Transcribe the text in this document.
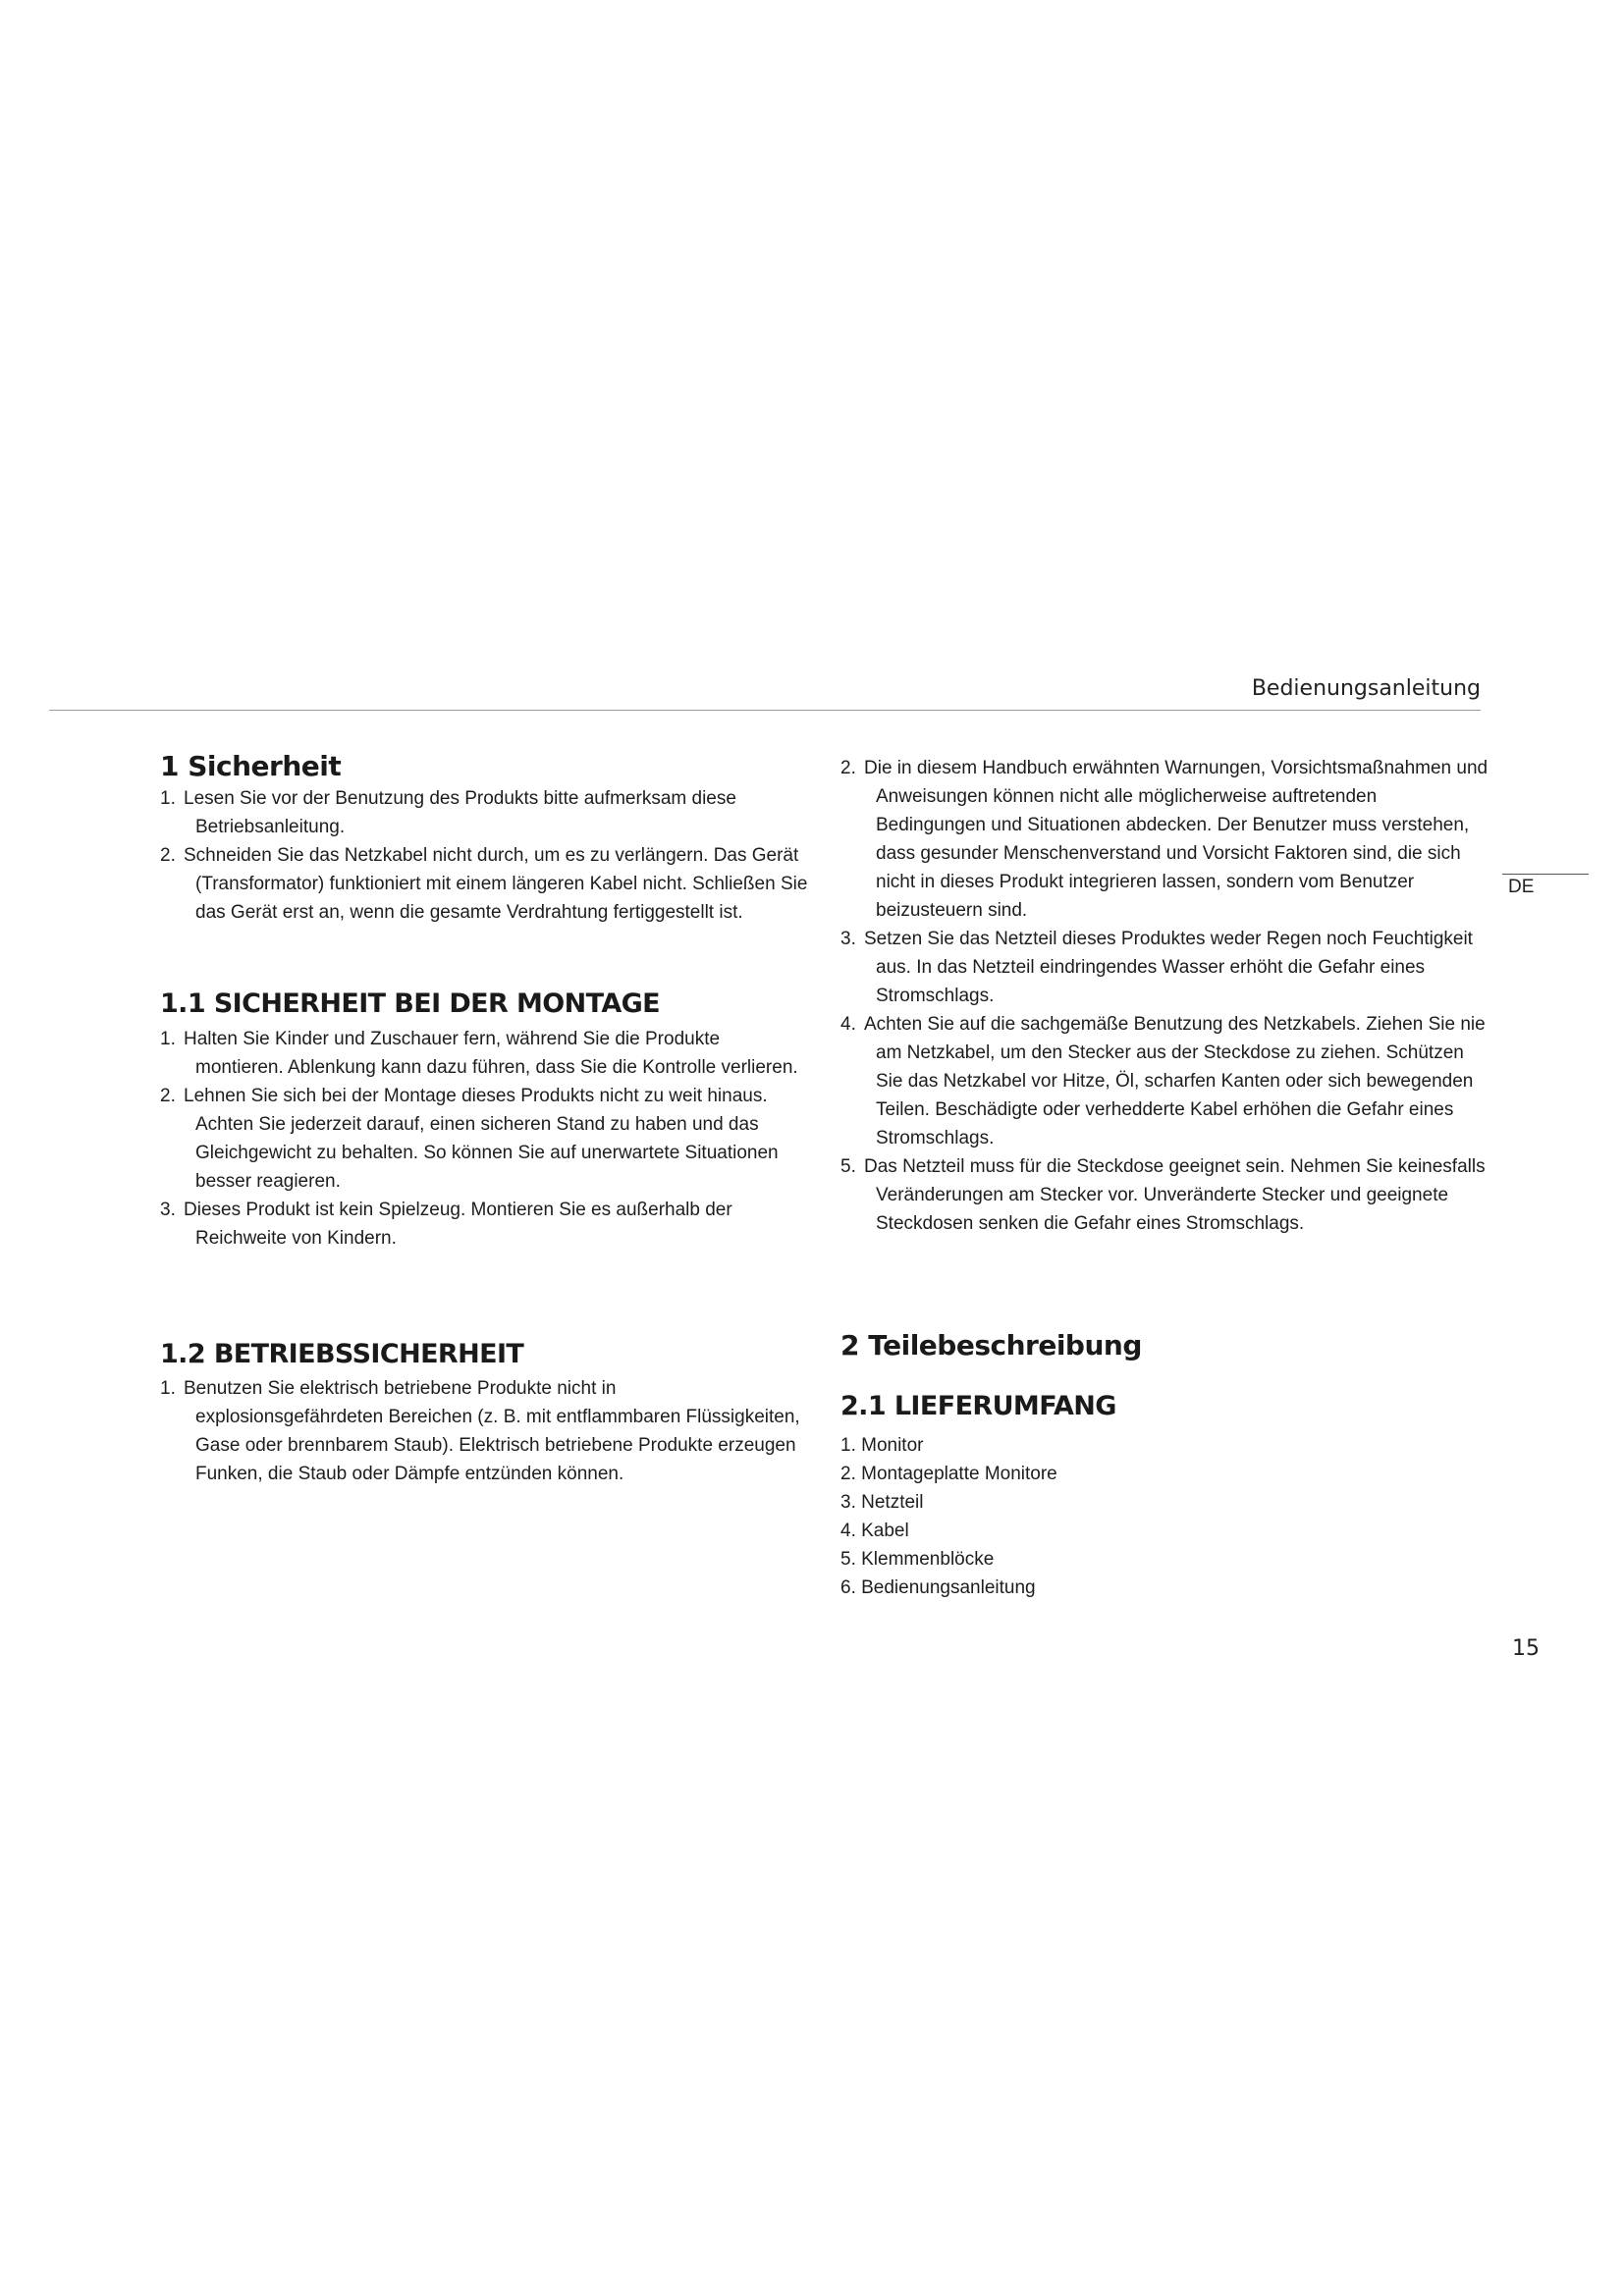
Bedienungsanleitung
DE
1 Sicherheit
1. Lesen Sie vor der Benutzung des Produkts bitte aufmerksam diese Betriebsanleitung.
2. Schneiden Sie das Netzkabel nicht durch, um es zu verlängern. Das Gerät (Transformator) funktioniert mit einem längeren Kabel nicht. Schließen Sie das Gerät erst an, wenn die gesamte Verdrahtung fertiggestellt ist.
1.1 SICHERHEIT BEI DER MONTAGE
1. Halten Sie Kinder und Zuschauer fern, während Sie die Produkte montieren. Ablenkung kann dazu führen, dass Sie die Kontrolle verlieren.
2. Lehnen Sie sich bei der Montage dieses Produkts nicht zu weit hinaus. Achten Sie jederzeit darauf, einen sicheren Stand zu haben und das Gleichgewicht zu behalten. So können Sie auf unerwartete Situationen besser reagieren.
3. Dieses Produkt ist kein Spielzeug. Montieren Sie es außerhalb der Reichweite von Kindern.
1.2 BETRIEBSSICHERHEIT
1. Benutzen Sie elektrisch betriebene Produkte nicht in explosionsgefährdeten Bereichen (z. B. mit entflammbaren Flüssigkeiten, Gase oder brennbarem Staub). Elektrisch betriebene Produkte erzeugen Funken, die Staub oder Dämpfe entzünden können.
2. Die in diesem Handbuch erwähnten Warnungen, Vorsichtsmaßnahmen und Anweisungen können nicht alle möglicherweise auftretenden Bedingungen und Situationen abdecken. Der Benutzer muss verstehen, dass gesunder Menschenverstand und Vorsicht Faktoren sind, die sich nicht in dieses Produkt integrieren lassen, sondern vom Benutzer beizusteuern sind.
3. Setzen Sie das Netzteil dieses Produktes weder Regen noch Feuchtigkeit aus. In das Netzteil eindringendes Wasser erhöht die Gefahr eines Stromschlags.
4. Achten Sie auf die sachgemäße Benutzung des Netzkabels. Ziehen Sie nie am Netzkabel, um den Stecker aus der Steckdose zu ziehen. Schützen Sie das Netzkabel vor Hitze, Öl, scharfen Kanten oder sich bewegenden Teilen. Beschädigte oder verhedderte Kabel erhöhen die Gefahr eines Stromschlags.
5. Das Netzteil muss für die Steckdose geeignet sein. Nehmen Sie keinesfalls Veränderungen am Stecker vor. Unveränderte Stecker und geeignete Steckdosen senken die Gefahr eines Stromschlags.
2 Teilebeschreibung
2.1 LIEFERUMFANG
1. Monitor
2. Montageplatte Monitore
3. Netzteil
4. Kabel
5. Klemmenblöcke
6. Bedienungsanleitung
15
